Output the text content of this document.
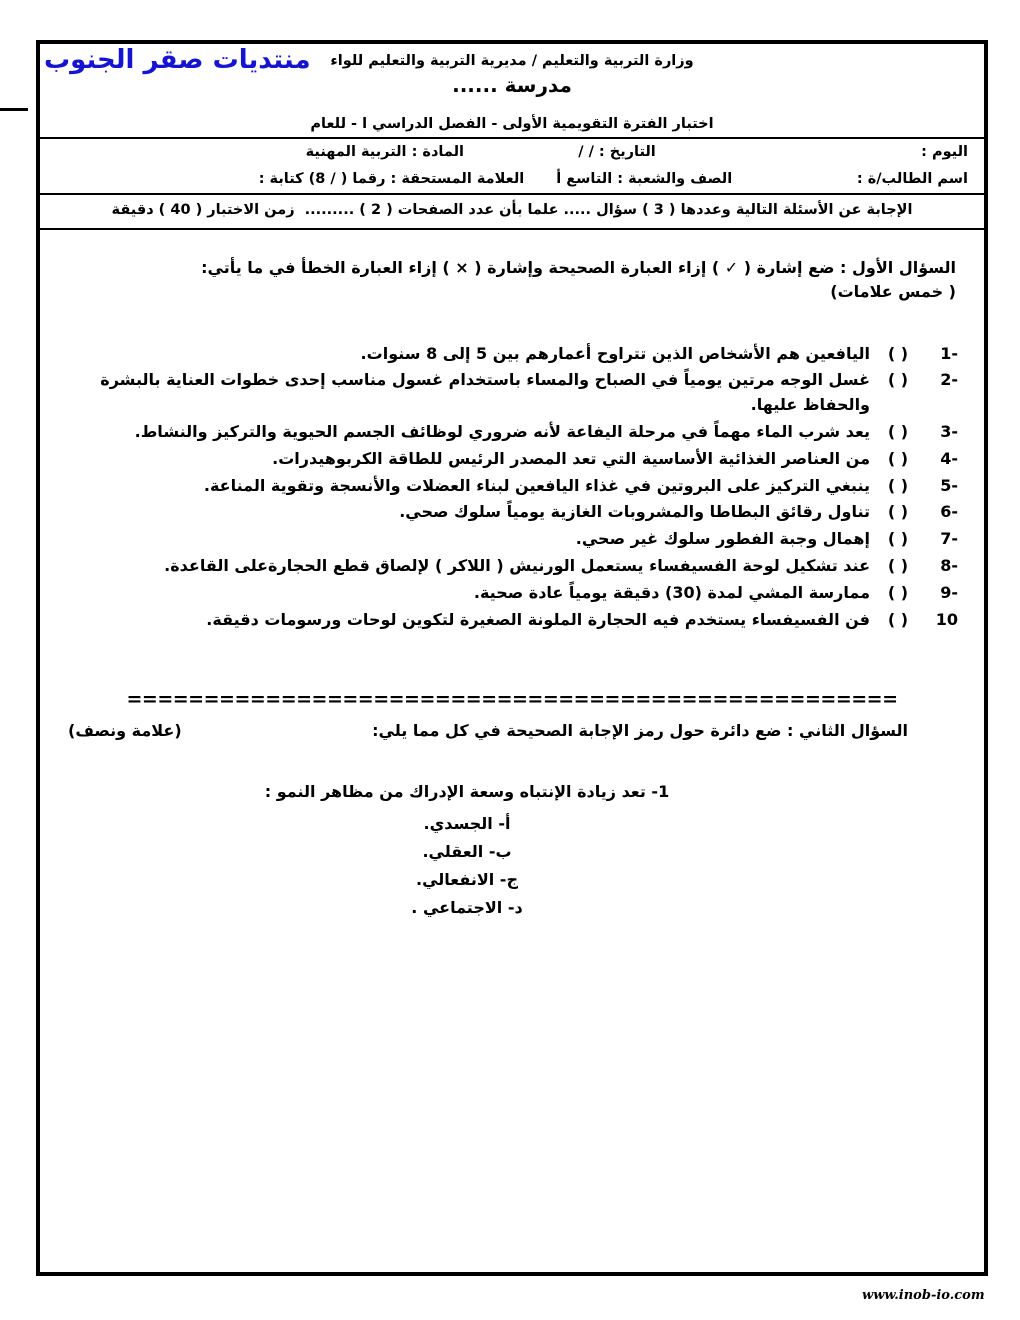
منتديات صقر الجنوب	وزارة التربية والتعليم / مديرية التربية والتعليم للواء
مدرسة ......
اختبار الفترة التقويمية الأولى - الفصل الدراسي ا - للعام
اليوم :
التاريخ : / /
المادة : التربية المهنية
اسم الطالب/ة :
الصف والشعبة : التاسع أ
العلامة المستحقة : رقما ( / 8) كتابة :
الإجابة عن الأسئلة التالية وعددها ( 3 ) سؤال ..... علما بأن عدد الصفحات ( 2 ) ......... ‏ زمن الاختبار ( 40 ) دقيقة
السؤال الأول : ضع إشارة ( ✓ ) إزاء العبارة الصحيحة وإشارة ( × ) إزاء العبارة الخطأ في ما يأتي:
( خمس علامات)
-1
( )
اليافعين هم الأشخاص الذين تتراوح أعمارهم بين 5 إلى 8 سنوات.
-2
( )
غسل الوجه مرتين يومياً في الصباح والمساء باستخدام غسول مناسب إحدى خطوات العناية بالبشرة والحفاظ عليها.
-3
( )
يعد شرب الماء مهماً في مرحلة اليفاعة لأنه ضروري لوظائف الجسم الحيوية والتركيز والنشاط.
-4
( )
من العناصر الغذائية الأساسية التي تعد المصدر الرئيس للطاقة الكربوهيدرات.
-5
( )
ينبغي التركيز على البروتين في غذاء اليافعين لبناء العضلات والأنسجة وتقوية المناعة.
-6
( )
تناول رقائق البطاطا والمشروبات الغازية يومياً سلوك صحي.
-7
( )
إهمال وجبة الفطور سلوك غير صحي.
-8
( )
عند تشكيل لوحة الفسيفساء يستعمل الورنيش ( اللاكر ) لإلصاق قطع الحجارةعلى القاعدة.
-9
( )
ممارسة المشي لمدة (30) دقيقة يومياً عادة صحية.
10
( )
فن الفسيفساء يستخدم فيه الحجارة الملونة الصغيرة لتكوين لوحات ورسومات دقيقة.
==================================================
السؤال الثاني : ضع دائرة حول رمز الإجابة الصحيحة في كل مما يلي:
(علامة ونصف)
1- تعد زيادة الإنتباه وسعة الإدراك من مظاهر النمو :
أ- الجسدي.
ب- العقلي.
ج- الانفعالي.
د- الاجتماعي .
www.inob-io.com
